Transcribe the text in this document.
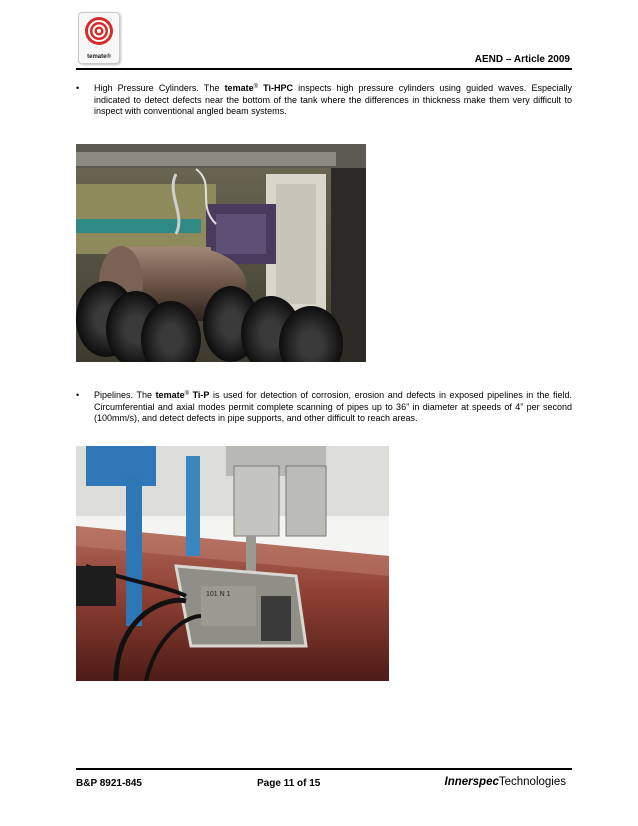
temate®	AEND – Article 2009
• High Pressure Cylinders. The temate® Ti-HPC inspects high pressure cylinders using guided waves. Especially indicated to detect defects near the bottom of the tank where the differences in thickness make them very difficult to inspect with conventional angled beam systems.
• Pipelines. The temate® Ti-P is used for detection of corrosion, erosion and defects in exposed pipelines in the field. Circumferential and axial modes permit complete scanning of pipes up to 36” in diameter at speeds of 4” per second (100mm/s), and detect defects in pipe supports, and other difficult to reach areas.
101 N 1
B&P 8921-845	Page 11 of 15	InnerspecTechnologies
